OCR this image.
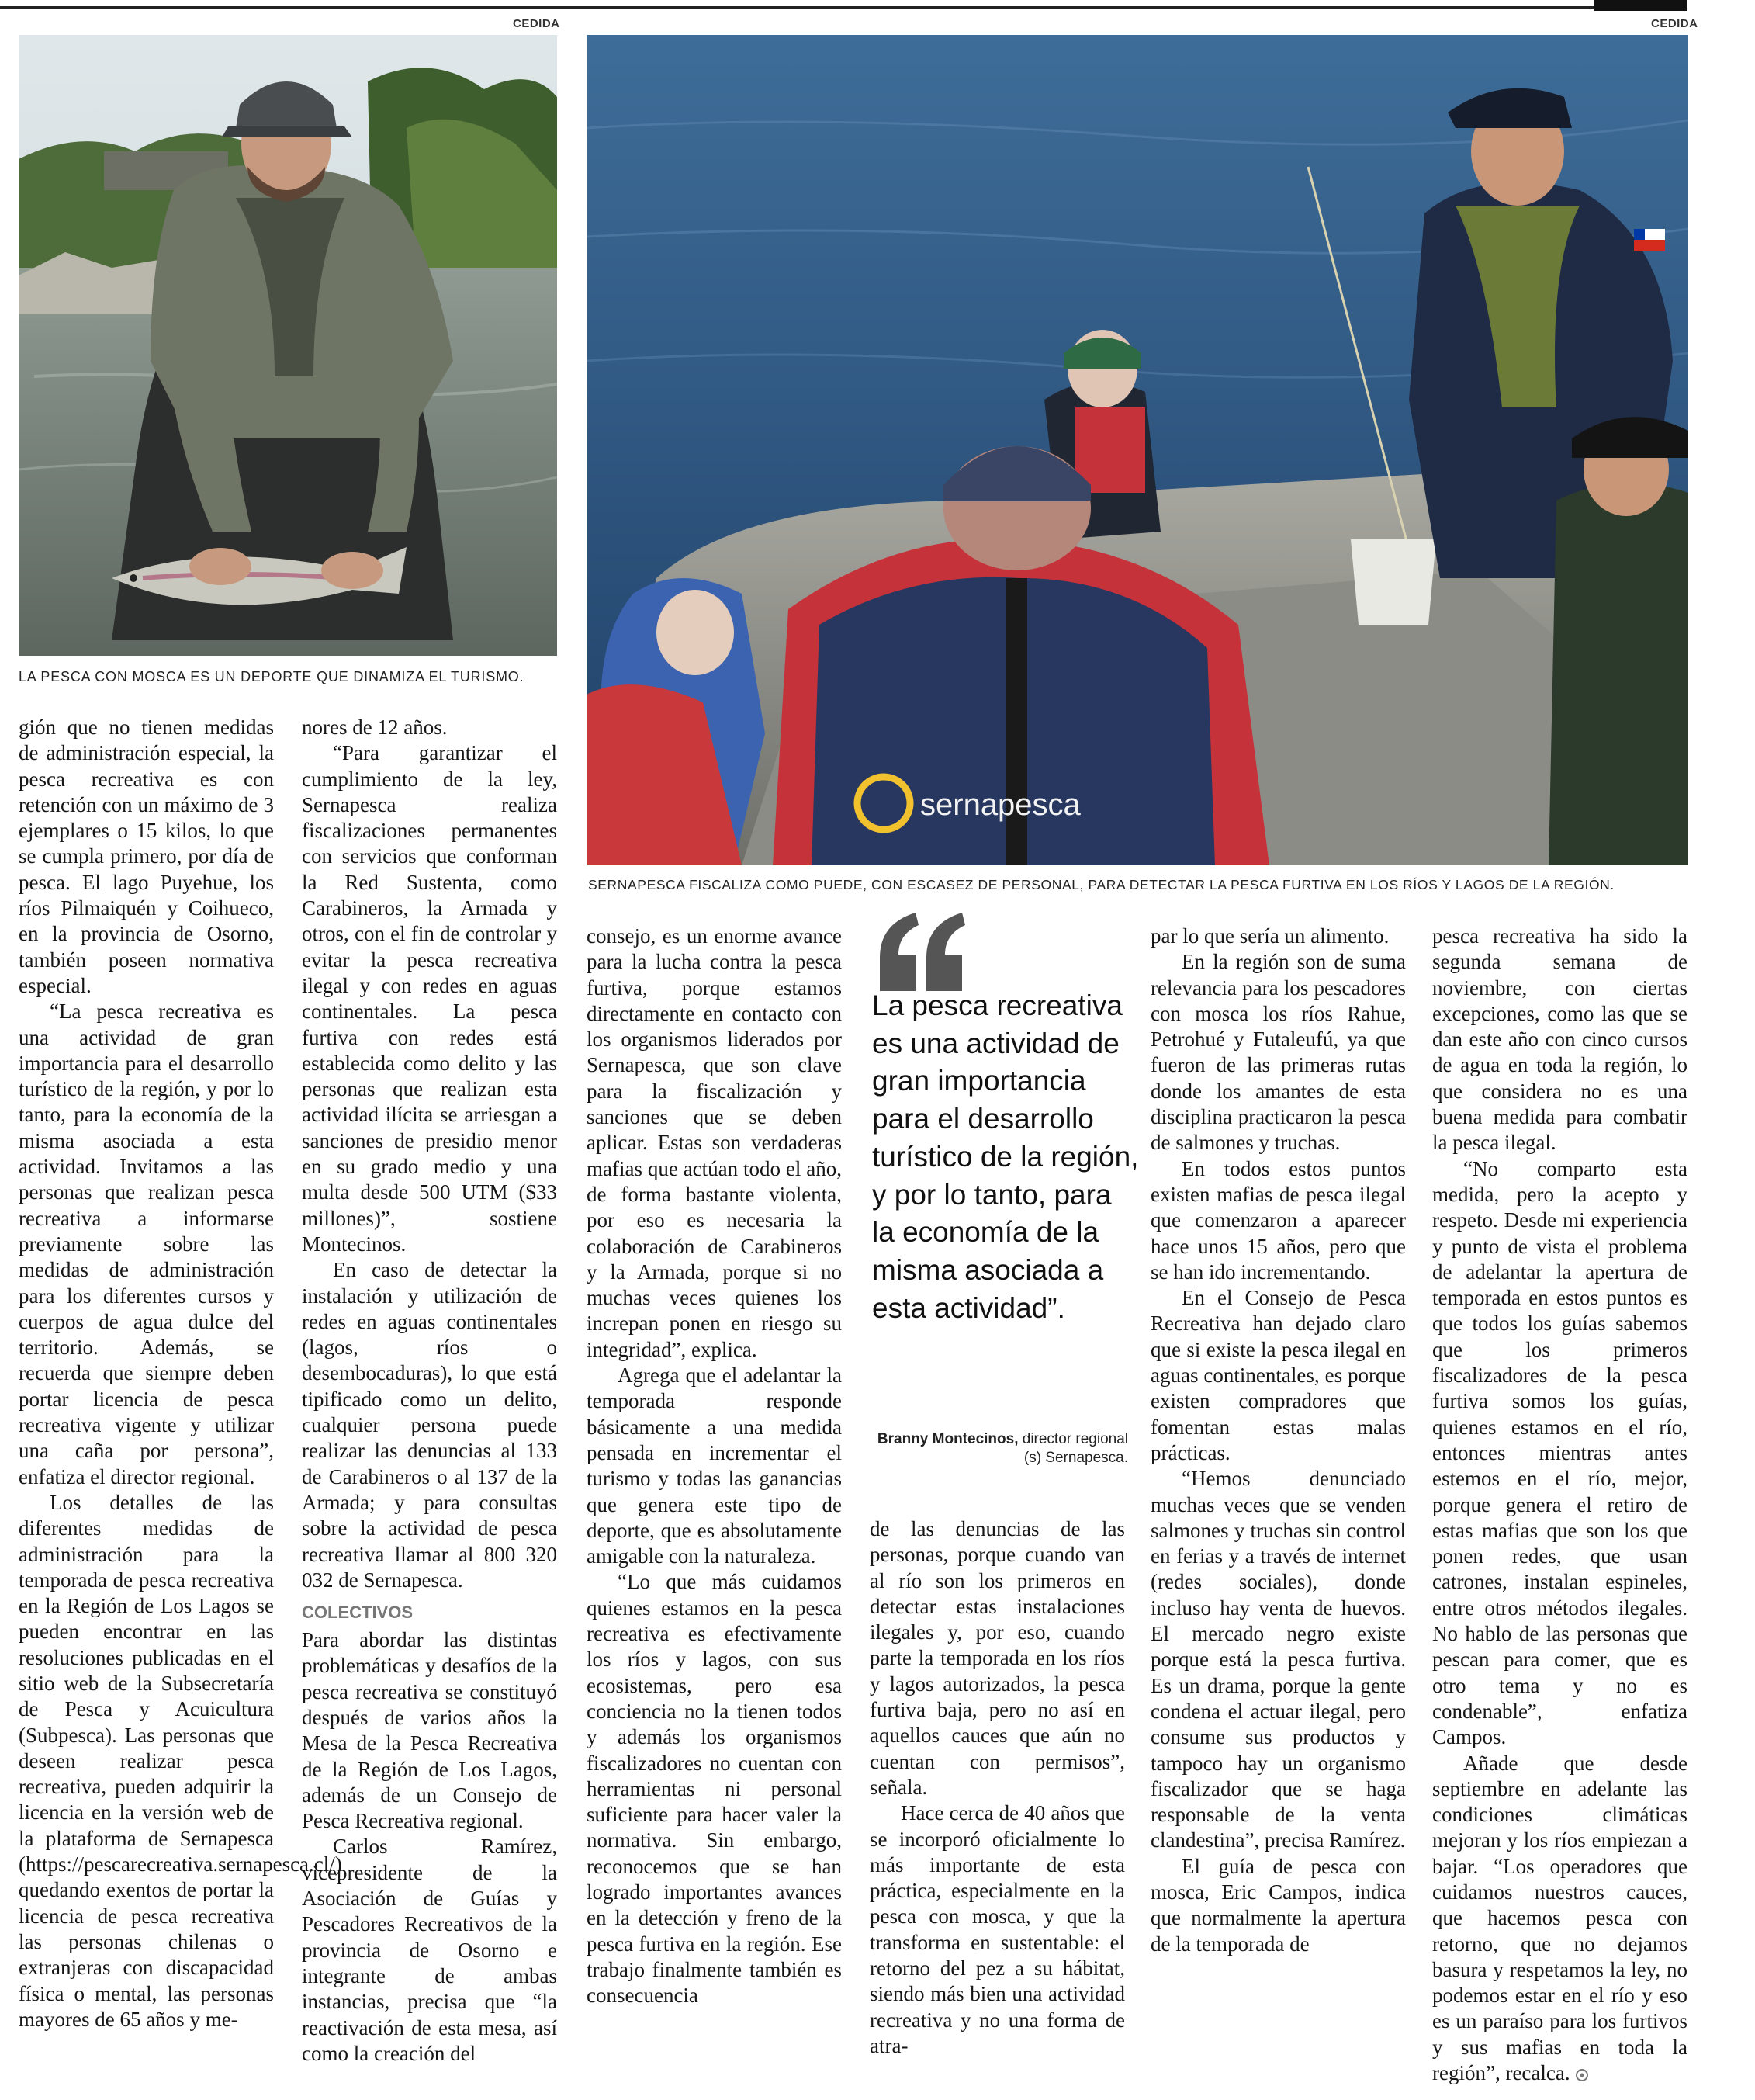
CEDIDA
LA PESCA CON MOSCA ES UN DEPORTE QUE DINAMIZA EL TURISMO.
CEDIDA
sernapesca
SERNAPESCA FISCALIZA COMO PUEDE, CON ESCASEZ DE PERSONAL, PARA DETECTAR LA PESCA FURTIVA EN LOS RÍOS Y LAGOS DE LA REGIÓN.

gión que no tienen medidas de administración especial, la pesca recreativa es con retención con un máximo de 3 ejemplares o 15 kilos, lo que se cumpla primero, por día de pesca. El lago Puyehue, los ríos Pilmaiquén y Coihueco, en la provincia de Osorno, también poseen normativa especial.

“La pesca recreativa es una actividad de gran importancia para el desarrollo turístico de la región, y por lo tanto, para la economía de la misma asociada a esta actividad. Invitamos a las personas que realizan pesca recreativa a informarse previamente sobre las medidas de administración para los diferentes cursos y cuerpos de agua dulce del territorio. Además, se recuerda que siempre deben portar licencia de pesca recreativa vigente y utilizar una caña por persona”, enfatiza el director regional.

Los detalles de las diferentes medidas de administración para la temporada de pesca recreativa en la Región de Los Lagos se pueden encontrar en las resoluciones publicadas en el sitio web de la Subsecretaría de Pesca y Acuicultura (Subpesca). Las personas que deseen realizar pesca recreativa, pueden adquirir la licencia en la versión web de la plataforma de Sernapesca (https://pescarecreativa.sernapesca.cl/) quedando exentos de portar la licencia de pesca recreativa las personas chilenas o extranjeras con discapacidad física o mental, las personas mayores de 65 años y me-

nores de 12 años.

“Para garantizar el cumplimiento de la ley, Sernapesca realiza fiscalizaciones permanentes con servicios que conforman la Red Sustenta, como Carabineros, la Armada y otros, con el fin de controlar y evitar la pesca recreativa ilegal y con redes en aguas continentales. La pesca furtiva con redes está establecida como delito y las personas que realizan esta actividad ilícita se arriesgan a sanciones de presidio menor en su grado medio y una multa desde 500 UTM ($33 millones)”, sostiene Montecinos.

En caso de detectar la instalación y utilización de redes en aguas continentales (lagos, ríos o desembocaduras), lo que está tipificado como un delito, cualquier persona puede realizar las denuncias al 133 de Carabineros o al 137 de la Armada; y para consultas sobre la actividad de pesca recreativa llamar al 800 320 032 de Sernapesca.

COLECTIVOS

Para abordar las distintas problemáticas y desafíos de la pesca recreativa se constituyó después de varios años la Mesa de la Pesca Recreativa de la Región de Los Lagos, además de un Consejo de Pesca Recreativa regional.

Carlos Ramírez, vicepresidente de la Asociación de Guías y Pescadores Recreativos de la provincia de Osorno e integrante de ambas instancias, precisa que “la reactivación de esta mesa, así como la creación del

consejo, es un enorme avance para la lucha contra la pesca furtiva, porque estamos directamente en contacto con los organismos liderados por Sernapesca, que son clave para la fiscalización y sanciones que se deben aplicar. Estas son verdaderas mafias que actúan todo el año, de forma bastante violenta, por eso es necesaria la colaboración de Carabineros y la Armada, porque si no muchas veces quienes los increpan ponen en riesgo su integridad”, explica.

Agrega que el adelantar la temporada responde básicamente a una medida pensada en incrementar el turismo y todas las ganancias que genera este tipo de deporte, que es absolutamente amigable con la naturaleza.

“Lo que más cuidamos quienes estamos en la pesca recreativa es efectivamente los ríos y lagos, con sus ecosistemas, pero esa conciencia no la tienen todos y además los organismos fiscalizadores no cuentan con herramientas ni personal suficiente para hacer valer la normativa. Sin embargo, reconocemos que se han logrado importantes avances en la detección y freno de la pesca furtiva en la región. Ese trabajo finalmente también es consecuencia

La pesca recreativa es una actividad de gran importancia para el desarrollo turístico de la región, y por lo tanto, para la economía de la misma asociada a esta actividad”.
Branny Montecinos, director regional (s) Sernapesca.

de las denuncias de las personas, porque cuando van al río son los primeros en detectar estas instalaciones ilegales y, por eso, cuando parte la temporada en los ríos y lagos autorizados, la pesca furtiva baja, pero no así en aquellos cauces que aún no cuentan con permisos”, señala.

Hace cerca de 40 años que se incorporó oficialmente lo más importante de esta práctica, especialmente en la pesca con mosca, y que la transforma en sustentable: el retorno del pez a su hábitat, siendo más bien una actividad recreativa y no una forma de atra-

par lo que sería un alimento.

En la región son de suma relevancia para los pescadores con mosca los ríos Rahue, Petrohué y Futaleufú, ya que fueron de las primeras rutas donde los amantes de esta disciplina practicaron la pesca de salmones y truchas.

En todos estos puntos existen mafias de pesca ilegal que comenzaron a aparecer hace unos 15 años, pero que se han ido incrementando.

En el Consejo de Pesca Recreativa han dejado claro que si existe la pesca ilegal en aguas continentales, es porque existen compradores que fomentan estas malas prácticas.

“Hemos denunciado muchas veces que se venden salmones y truchas sin control en ferias y a través de internet (redes sociales), donde incluso hay venta de huevos. El mercado negro existe porque está la pesca furtiva. Es un drama, porque la gente condena el actuar ilegal, pero consume sus productos y tampoco hay un organismo fiscalizador que se haga responsable de la venta clandestina”, precisa Ramírez.

El guía de pesca con mosca, Eric Campos, indica que normalmente la apertura de la temporada de

pesca recreativa ha sido la segunda semana de noviembre, con ciertas excepciones, como las que se dan este año con cinco cursos de agua en toda la región, lo que considera no es una buena medida para combatir la pesca ilegal.

“No comparto esta medida, pero la acepto y respeto. Desde mi experiencia y punto de vista el problema de adelantar la apertura de temporada en estos puntos es que todos los guías sabemos que los primeros fiscalizadores de la pesca furtiva somos los guías, quienes estamos en el río, entonces mientras antes estemos en el río, mejor, porque genera el retiro de estas mafias que son los que ponen redes, que usan catrones, instalan espineles, entre otros métodos ilegales. No hablo de las personas que pescan para comer, que es otro tema y no es condenable”, enfatiza Campos.

Añade que desde septiembre en adelante las condiciones climáticas mejoran y los ríos empiezan a bajar. “Los operadores que cuidamos nuestros cauces, que hacemos pesca con retorno, que no dejamos basura y respetamos la ley, no podemos estar en el río y eso es un paraíso para los furtivos y sus mafias en toda la región”, recalca.
